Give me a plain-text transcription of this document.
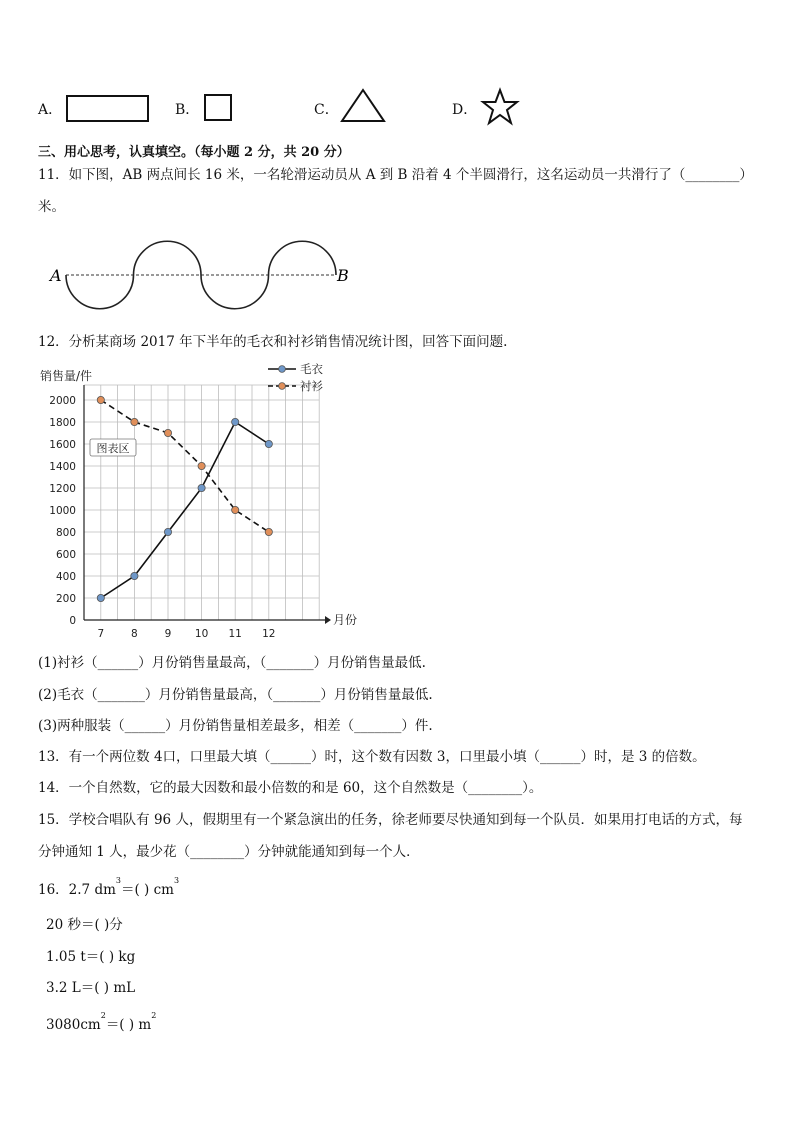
A．	B．	C．	D．
三、用心思考，认真填空。（每小题 2 分，共 20 分）
11．如下图，AB 两点间长 16 米，一名轮滑运动员从 A 到 B 沿着 4 个半圆滑行，这名运动员一共滑行了（________）
米。
A	B
12．分析某商场 2017 年下半年的毛衣和衬衫销售情况统计图，回答下面问题.
0
200
400
600
800
1000
1200
1400
1600
1800
2000
7	8	9 10 11 12
销售量/件
月份
毛衣
衬衫
图表区
(1)衬衫（______）月份销售量最高，（_______）月份销售量最低.
(2)毛衣（_______）月份销售量最高，（_______）月份销售量最低.
(3)两种服装（______）月份销售量相差最多，相差（_______）件.
13．有一个两位数 4口，口里最大填（______）时，这个数有因数 3，口里最小填（______）时，是 3 的倍数。
14．一个自然数，它的最大因数和最小倍数的和是 60，这个自然数是（________）。
15．学校合唱队有 96 人，假期里有一个紧急演出的任务，徐老师要尽快通知到每一个队员．如果用打电话的方式，每
分钟通知 1 人，最少花（________）分钟就能通知到每一个人．
16．2.7 $dm^3=$( ) $cm^3$
20 秒＝( )分
1.05 t＝( ) kg
3.2 L＝( ) mL
$3080cm^2=$( ) $m^2$
